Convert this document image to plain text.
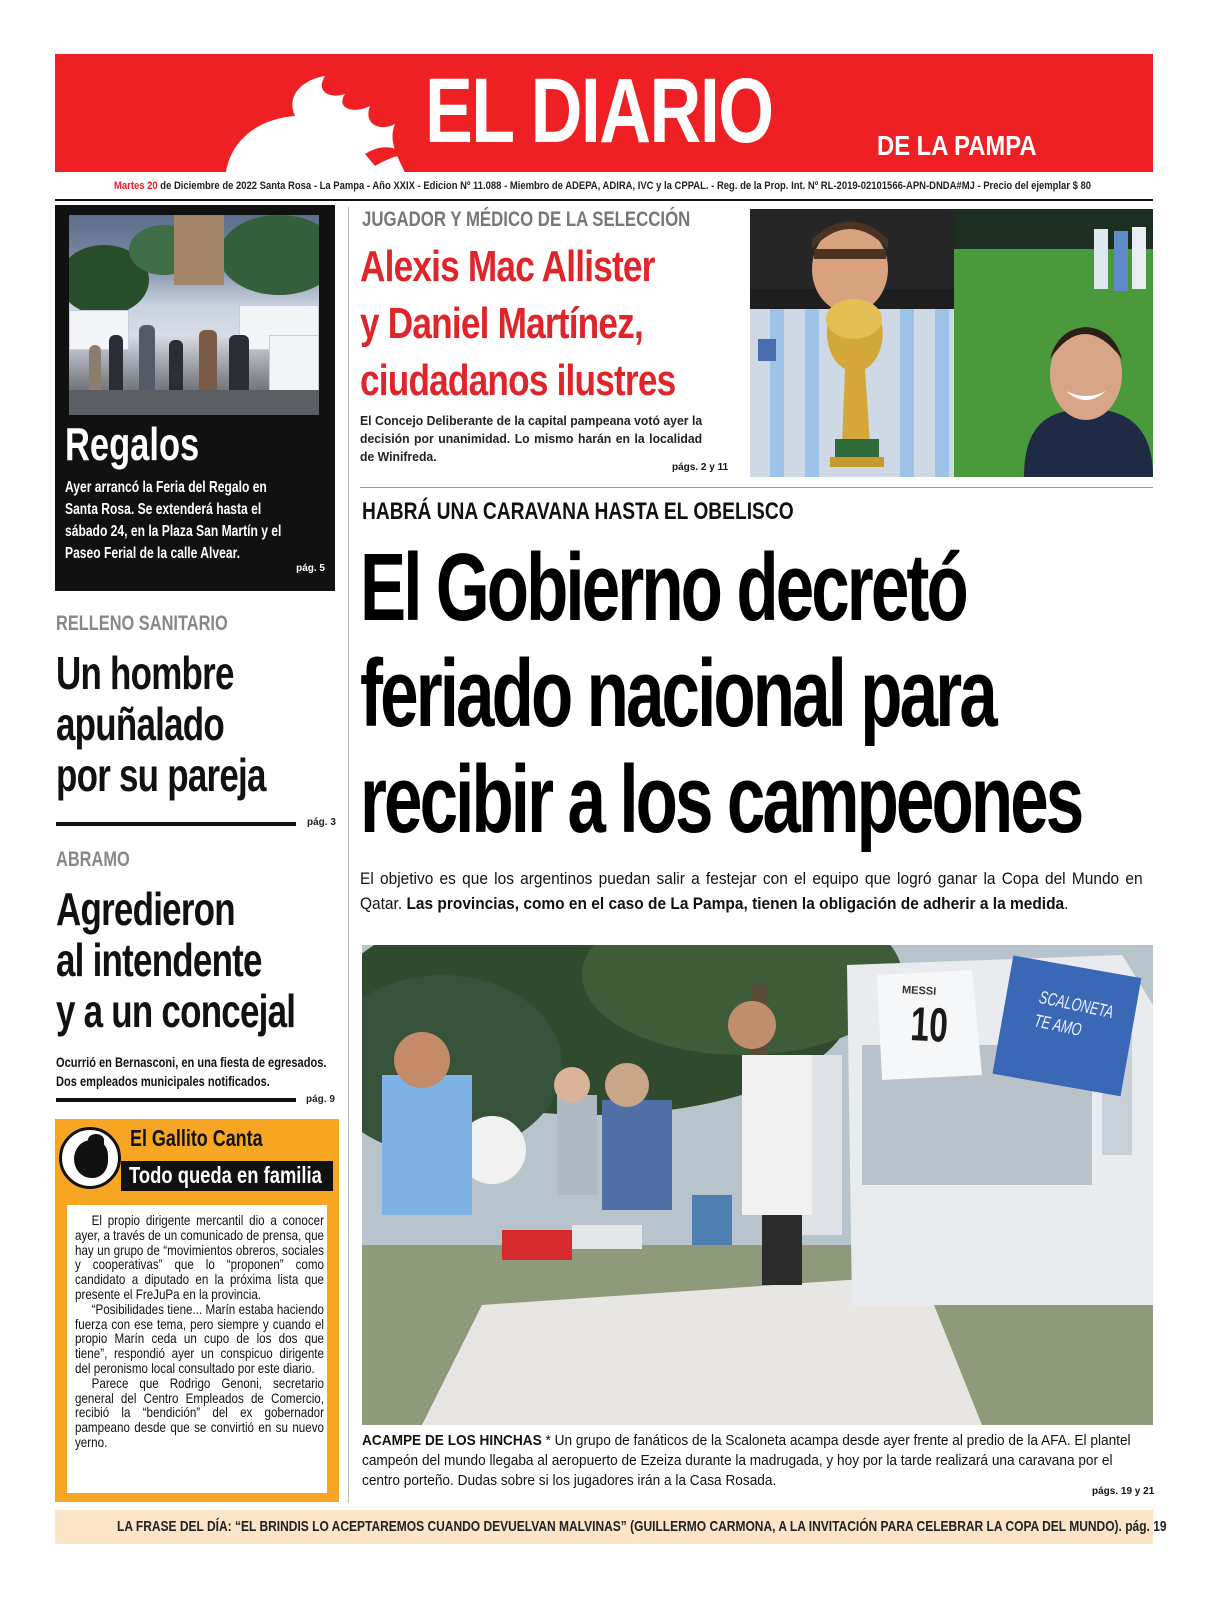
EL DIARIO	DE LA PAMPA
Martes 20 de Diciembre de 2022 Santa Rosa - La Pampa - Año XXIX - Edicion Nº 11.088 - Miembro de ADEPA, ADIRA, IVC y la CPPAL. - Reg. de la Prop. Int. Nº RL-2019-02101566-APN-DNDA#MJ - Precio del ejemplar $ 80
Regalos
Ayer arrancó la Feria del Regalo en
Santa Rosa. Se extenderá hasta el
sábado 24, en la Plaza San Martín y el
Paseo Ferial de la calle Alvear.
pág. 5
RELLENO SANITARIO
Un hombre
apuñalado
por su pareja
pág. 3
ABRAMO
Agredieron
al intendente
y a un concejal
Ocurrió en Bernasconi, en una fiesta de egresados.
Dos empleados municipales notificados.
pág. 9
El Gallito Canta
Todo queda en familia

El propio dirigente mercantil dio a conocer ayer, a través de un comunicado de prensa, que hay un grupo de “movimientos obreros, sociales y cooperativas” que lo “proponen” como candidato a diputado en la próxima lista que presente el FreJuPa en la provincia.

“Posibilidades tiene... Marín estaba haciendo fuerza con ese tema, pero siempre y cuando el propio Marín ceda un cupo de los dos que tiene”, respondió ayer un conspicuo dirigente del peronismo local consultado por este diario.

Parece que Rodrigo Genoni, secretario general del Centro Empleados de Comercio, recibió la “bendición” del ex gobernador pampeano desde que se convirtió en su nuevo yerno.

JUGADOR Y MÉDICO DE LA SELECCIÓN
Alexis Mac Allister
y Daniel Martínez,
ciudadanos ilustres
El Concejo Deliberante de la capital pampeana votó ayer la decisión por unanimidad. Lo mismo harán en la localidad de Winifreda.
págs. 2 y 11
HABRÁ UNA CARAVANA HASTA EL OBELISCO
El Gobierno decretó
feriado nacional para
recibir a los campeones
El objetivo es que los argentinos puedan salir a festejar con el equipo que logró ganar la Copa del Mundo en Qatar. Las provincias, como en el caso de La Pampa, tienen la obligación de adherir a la medida.
MESSI
10	SCALONETA TE AMO
ACAMPE DE LOS HINCHAS * Un grupo de fanáticos de la Scaloneta acampa desde ayer frente al predio de la AFA. El plantel campeón del mundo llegaba al aeropuerto de Ezeiza durante la madrugada, y hoy por la tarde realizará una caravana por el centro porteño. Dudas sobre si los jugadores irán a la Casa Rosada.
págs. 19 y 21
LA FRASE DEL DÍA: “EL BRINDIS LO ACEPTAREMOS CUANDO DEVUELVAN MALVINAS” (GUILLERMO CARMONA, A LA INVITACIÓN PARA CELEBRAR LA COPA DEL MUNDO). pág. 19
